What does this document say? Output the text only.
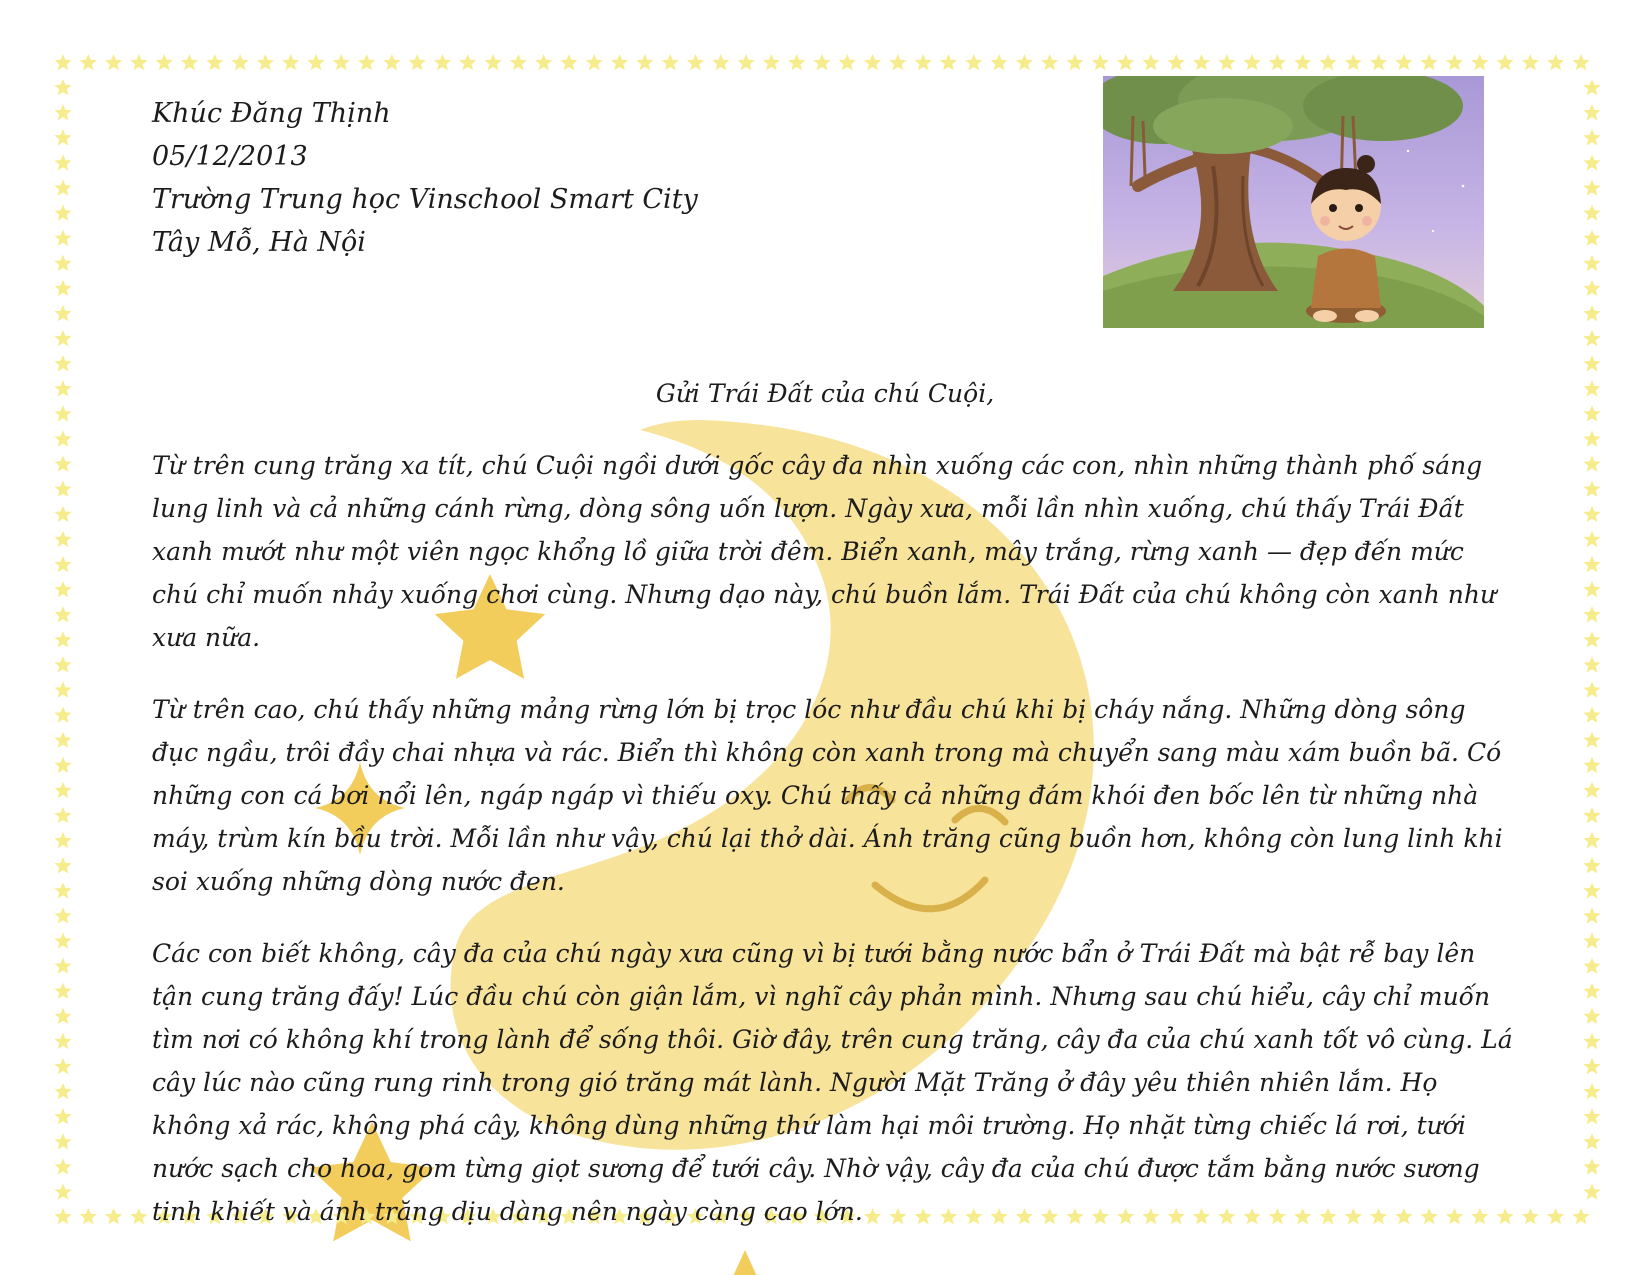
Khúc Đăng Thịnh
05/12/2013
Trường Trung học Vinschool Smart City
Tây Mỗ, Hà Nội
Gửi Trái Đất của chú Cuội,

Từ trên cung trăng xa tít, chú Cuội ngồi dưới gốc cây đa nhìn xuống các con, nhìn những thành phố sáng lung linh và cả những cánh rừng, dòng sông uốn lượn. Ngày xưa, mỗi lần nhìn xuống, chú thấy Trái Đất xanh mướt như một viên ngọc khổng lồ giữa trời đêm. Biển xanh, mây trắng, rừng xanh — đẹp đến mức chú chỉ muốn nhảy xuống chơi cùng. Nhưng dạo này, chú buồn lắm. Trái Đất của chú không còn xanh như xưa nữa.

Từ trên cao, chú thấy những mảng rừng lớn bị trọc lóc như đầu chú khi bị cháy nắng. Những dòng sông đục ngầu, trôi đầy chai nhựa và rác. Biển thì không còn xanh trong mà chuyển sang màu xám buồn bã. Có những con cá bơi nổi lên, ngáp ngáp vì thiếu oxy. Chú thấy cả những đám khói đen bốc lên từ những nhà máy, trùm kín bầu trời. Mỗi lần như vậy, chú lại thở dài. Ánh trăng cũng buồn hơn, không còn lung linh khi soi xuống những dòng nước đen.

Các con biết không, cây đa của chú ngày xưa cũng vì bị tưới bằng nước bẩn ở Trái Đất mà bật rễ bay lên tận cung trăng đấy! Lúc đầu chú còn giận lắm, vì nghĩ cây phản mình. Nhưng sau chú hiểu, cây chỉ muốn tìm nơi có không khí trong lành để sống thôi. Giờ đây, trên cung trăng, cây đa của chú xanh tốt vô cùng. Lá cây lúc nào cũng rung rinh trong gió trăng mát lành. Người Mặt Trăng ở đây yêu thiên nhiên lắm. Họ không xả rác, không phá cây, không dùng những thứ làm hại môi trường. Họ nhặt từng chiếc lá rơi, tưới nước sạch cho hoa, gom từng giọt sương để tưới cây. Nhờ vậy, cây đa của chú được tắm bằng nước sương tinh khiết và ánh trăng dịu dàng nên ngày càng cao lớn.
